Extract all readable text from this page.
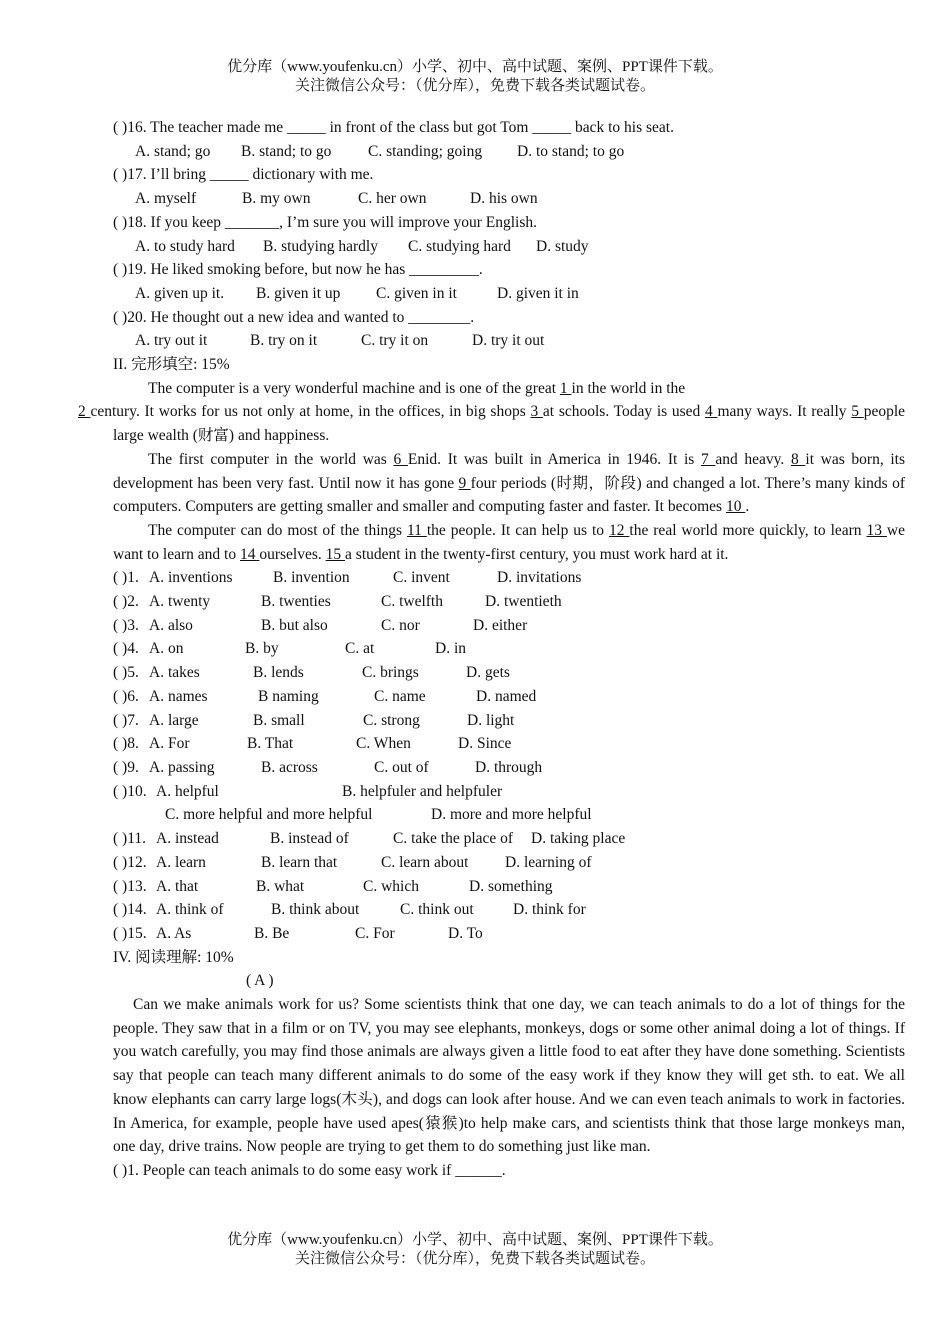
优分库（www.youfenku.cn）小学、初中、高中试题、案例、PPT课件下载。
关注微信公众号：（优分库），免费下载各类试题试卷。
( )16. The teacher made me _____ in front of the class but got Tom _____ back to his seat.
A. stand; go B. stand; to go C. standing; going D. to stand; to go
( )17. I’ll bring _____ dictionary with me.
A. myself	B. my own	C. her own	D. his own
( )18. If you keep _______, I’m sure you will improve your English.
A. to study hard B. studying hardly C. studying hard D. study
( )19. He liked smoking before, but now he has _________.
A. given up it. B. given it up C. given in it	D. given it in
( )20. He thought out a new idea and wanted to ________.
A. try out it	B. try on it	C. try it on	D. try it out
II. 完形填空: 15%
The computer is a very wonderful machine and is one of the great 1 in the world in the
2 century. It works for us not only at home, in the offices, in big shops 3 at schools. Today is used 4 many ways. It really 5 people large wealth (财富) and happiness.
The first computer in the world was 6 Enid. It was built in America in 1946. It is 7 and heavy. 8 it was born, its development has been very fast. Until now it has gone 9 four periods (时期，阶段) and changed a lot. There’s many kinds of computers. Computers are getting smaller and smaller and computing faster and faster. It becomes 10 .
The computer can do most of the things 11 the people. It can help us to 12 the real world more quickly, to learn 13 we want to learn and to 14 ourselves. 15 a student in the twenty-first century, you must work hard at it.
( )1. A. inventions	B. invention	C. invent	D. invitations
( )2. A. twenty	B. twenties	C. twelfth	D. twentieth
( )3. A. also	B. but also	C. nor	D. either
( )4. A. on	B. by	C. at	D. in
( )5. A. takes	B. lends	C. brings	D. gets
( )6. A. names	B naming	C. name	D. named
( )7. A. large	B. small	C. strong	D. light
( )8. A. For	B. That	C. When	D. Since
( )9. A. passing	B. across	C. out of	D. through
( )10. A. helpful	B. helpfuler and helpfuler
C. more helpful and more helpful	D. more and more helpful
( )11. A. instead	B. instead of	C. take the place of D. taking place
( )12. A. learn	B. learn that	C. learn about D. learning of
( )13. A. that	B. what	C. which	D. something
( )14. A. think of	B. think about	C. think out	D. think for
( )15. A. As	B. Be	C. For	D. To
IV. 阅读理解: 10%
( A )
Can we make animals work for us? Some scientists think that one day, we can teach animals to do a lot of things for the people. They saw that in a film or on TV, you may see elephants, monkeys, dogs or some other animal doing a lot of things. If you watch carefully, you may find those animals are always given a little food to eat after they have done something. Scientists say that people can teach many different animals to do some of the easy work if they know they will get sth. to eat. We all know elephants can carry large logs(木头), and dogs can look after house. And we can even teach animals to work in factories. In America, for example, people have used apes(猿猴)to help make cars, and scientists think that those large monkeys man, one day, drive trains. Now people are trying to get them to do something just like man.
( )1. People can teach animals to do some easy work if ______.
优分库（www.youfenku.cn）小学、初中、高中试题、案例、PPT课件下载。
关注微信公众号：（优分库），免费下载各类试题试卷。
